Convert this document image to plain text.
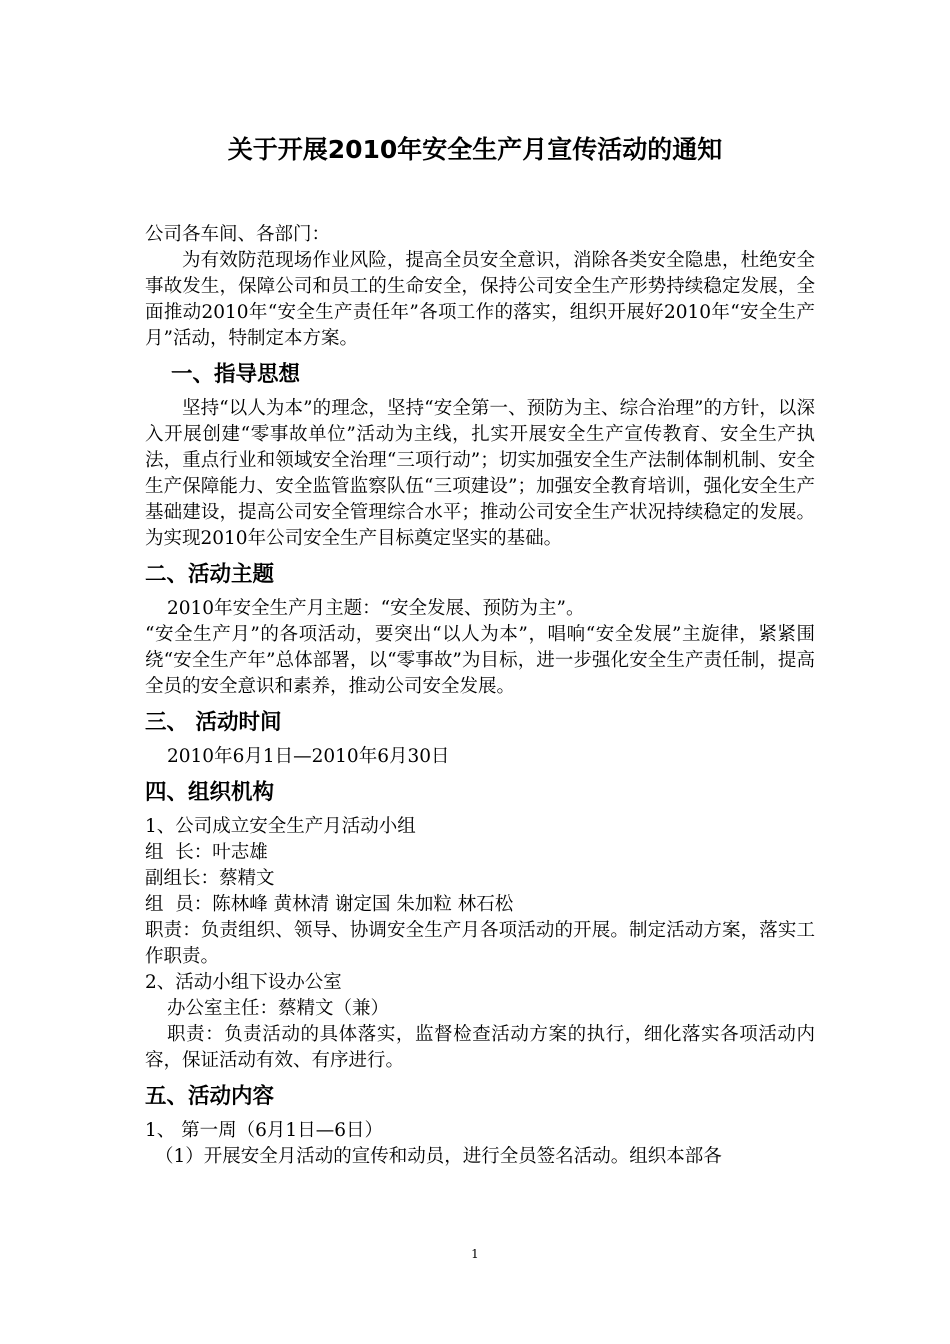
关于开展2010年安全生产月宣传活动的通知

公司各车间、各部门：

为有效防范现场作业风险，提高全员安全意识，消除各类安全隐患，杜绝安全事故发生，保障公司和员工的生命安全，保持公司安全生产形势持续稳定发展，全面推动2010年“安全生产责任年”各项工作的落实，组织开展好2010年“安全生产月”活动，特制定本方案。

一、指导思想

坚持“以人为本”的理念，坚持“安全第一、预防为主、综合治理”的方针，以深入开展创建“零事故单位”活动为主线，扎实开展安全生产宣传教育、安全生产执法，重点行业和领域安全治理“三项行动”；切实加强安全生产法制体制机制、安全生产保障能力、安全监管监察队伍“三项建设”；加强安全教育培训，强化安全生产基础建设，提高公司安全管理综合水平；推动公司安全生产状况持续稳定的发展。为实现2010年公司安全生产目标奠定坚实的基础。

二、活动主题

2010年安全生产月主题：“安全发展、预防为主”。

“安全生产月”的各项活动，要突出“以人为本”，唱响“安全发展”主旋律，紧紧围绕“安全生产年”总体部署，以“零事故”为目标，进一步强化安全生产责任制，提高全员的安全意识和素养，推动公司安全发展。

三、 活动时间

2010年6月1日—2010年6月30日

四、组织机构

1、公司成立安全生产月活动小组

组  长：叶志雄

副组长：蔡精文

组  员：陈林峰 黄林清 谢定国 朱加粒 林石松

职责：负责组织、领导、协调安全生产月各项活动的开展。制定活动方案，落实工作职责。

2、活动小组下设办公室

办公室主任：蔡精文（兼）

职责：负责活动的具体落实，监督检查活动方案的执行，细化落实各项活动内容，保证活动有效、有序进行。

五、活动内容

1、 第一周（6月1日—6日）

（1）开展安全月活动的宣传和动员，进行全员签名活动。组织本部各

1
